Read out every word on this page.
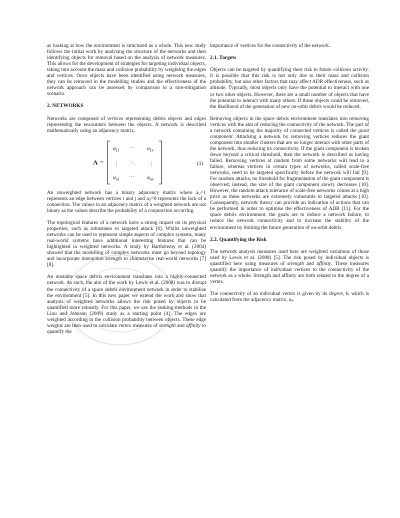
as looking at how the environment is structured as a whole. This new study follows the initial work by analysing the structure of the networks and then identifying objects for removal based on the analysis of network measures. This allows for the development of strategies for targeting individual objects, taking into account the mass and collision probability by weighting the edges and vertices. Once objects have been identified using network measures, they can be removed in the modelling studies and the effectiveness of the network approach can be assessed by comparison to a non-mitigation scenario.

2. NETWORKS

Networks are composed of vertices representing debris objects and edges representing the encounters between the objects. A network is described mathematically using an adjacency matrix,

A =
a 11 ⋯ a 1n
⋮ ⋱	⋮
a n1 ⋯ a nn
(1)

An unweighted network has a binary adjacency matrix where aᵢⱼ=1 represents an edge between vertices i and j and aᵢⱼ=0 represents the lack of a connection. The values in an adjacency matrix of a weighted network are not binary as the values describe the probability of a conjunction occurring.

The topological features of a network have a strong impact on its physical properties, such as robustness to targeted attack [6]. Whilst unweighted networks can be used to represent simple aspects of complex systems, many real-world systems have additional interesting features that can be highlighted in weighted networks. A study by Barthélemy et al. (2004) showed that the modelling of complex networks must go beyond topology and incorporate interaction strength to characterise real-world networks [7][8].

An unstable space debris environment translates into a highly-connected network. As such, the aim of the work by Lewis et al. (2008) was to disrupt the connectivity of a space debris environment network in order to stabilise the environment [5]. In this new paper we extend the work and show that analysis of weighted networks allows the risk posed by objects to be quantified more robustly. For this paper, we use the ranking methods in the Liou and Johnson (2009) study as a starting point [4]. The edges are weighted according to the collision probability between objects. These edge weights are then used to calculate vertex measures of strength and affinity to quantify the

importance of vertices for the connectivity of the network.

2.1. Targets

Objects can be targeted by quantifying their risk to future collision activity. It is possible that this risk is not only due to their mass and collision probability, but also other factors that may affect ADR effectiveness, such as altitude. Typically, most objects only have the potential to interact with one or two other objects. However, there are a small number of objects that have the potential to interact with many others. If these objects could be removed, the likelihood of the generation of new on-orbit debris would be reduced.

Removing objects in the space debris environment translates into removing vertices with the aim of reducing the connectivity of the network. The part of a network containing the majority of connected vertices is called the giant component. Attacking a network by removing vertices reduces the giant component into smaller clusters that are no longer interact with other parts of the network, thus reducing its connectivity. If the giant component is broken down beyond a critical threshold, then the network is described as having failed. Removing vertices at random from some networks will lead to a failure, whereas vertices in certain types of networks, called scale-free networks, need to be targeted specifically before the network will fail [9]. For random attacks, no threshold for fragmentation of the giant component is observed; instead, the size of the giant component slowly decreases [10]. However, the random attack tolerance of scale-free networks comes at a high price as these networks are extremely vulnerable to targeted attacks [10]. Consequently, network theory can provide an indication of actions that can be performed in order to optimise the effectiveness of ADR [11]. For the space debris environment, the goals are to induce a network failure, to reduce the network connectivity and to increase the stability of the environment by limiting the future generation of on-orbit debris.

2.2. Quantifying the Risk

The network analysis measures used here are weighted variations of those used by Lewis et al. (2008) [5]. The risk posed by individual objects is quantified here using measures of strength and affinity. These measures quantify the importance of individual vertices to the connectivity of the network as a whole. Strength and affinity are both related to the degree of a vertex.

The connectivity of an individual vertex is given by its degree, kᵢ which is calculated from the adjacency matrix, aᵢⱼ.
